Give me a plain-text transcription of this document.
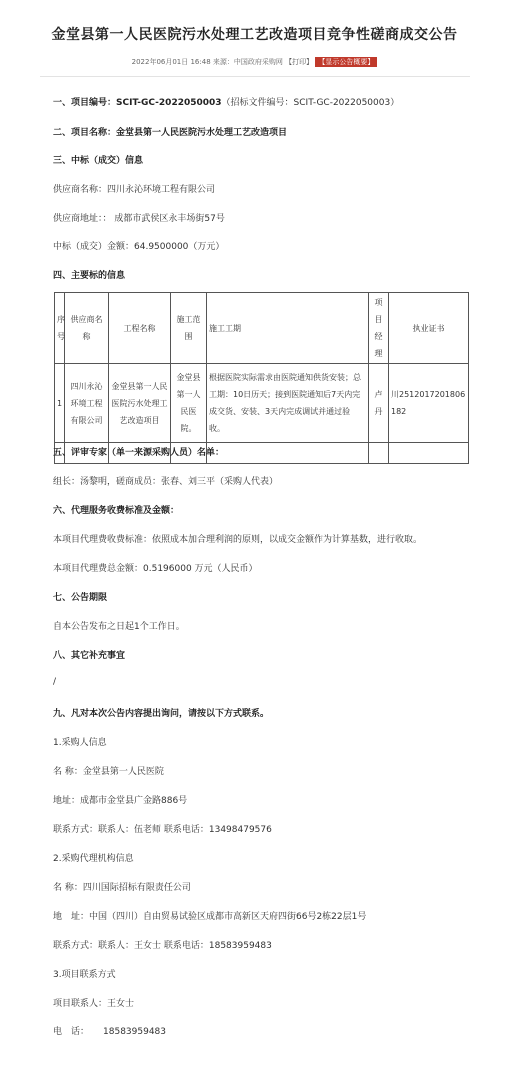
金堂县第一人民医院污水处理工艺改造项目竞争性磋商成交公告
2022年06月01日 16:48 来源：中国政府采购网 【打印】 【显示公告概要】
一、项目编号：SCIT-GC-2022050003（招标文件编号：SCIT-GC-2022050003）
二、项目名称：金堂县第一人民医院污水处理工艺改造项目
三、中标（成交）信息
供应商名称：四川永沁环境工程有限公司
供应商地址：： 成都市武侯区永丰场街57号
中标（成交）金额：64.9500000（万元）
四、主要标的信息
序号	供应商名称	工程名称	施工范围	施工工期	项目经理	执业证书
1	四川永沁环境工程有限公司	金堂县第一人民医院污水处理工艺改造项目	金堂县第一人民医院。	根据医院实际需求由医院通知供货安装；总工期：10日历天；接到医院通知后7天内完成交货、安装、3天内完成调试并通过验收。	卢丹	川2512017201806182

五、评审专家（单一来源采购人员）名单：
组长：汤黎明，磋商成员：张春、刘三平（采购人代表）
六、代理服务收费标准及金额：
本项目代理费收费标准：依照成本加合理利润的原则，以成交金额作为计算基数，进行收取。
本项目代理费总金额：0.5196000 万元（人民币）
七、公告期限
自本公告发布之日起1个工作日。
八、其它补充事宜
/
九、凡对本次公告内容提出询问，请按以下方式联系。
1.采购人信息
名 称：金堂县第一人民医院
地址：成都市金堂县广金路886号
联系方式：联系人：伍老师 联系电话：13498479576
2.采购代理机构信息
名 称：四川国际招标有限责任公司
地　址：中国（四川）自由贸易试验区成都市高新区天府四街66号2栋22层1号
联系方式：联系人：王女士 联系电话：18583959483
3.项目联系方式
项目联系人：王女士
电　话： 18583959483
